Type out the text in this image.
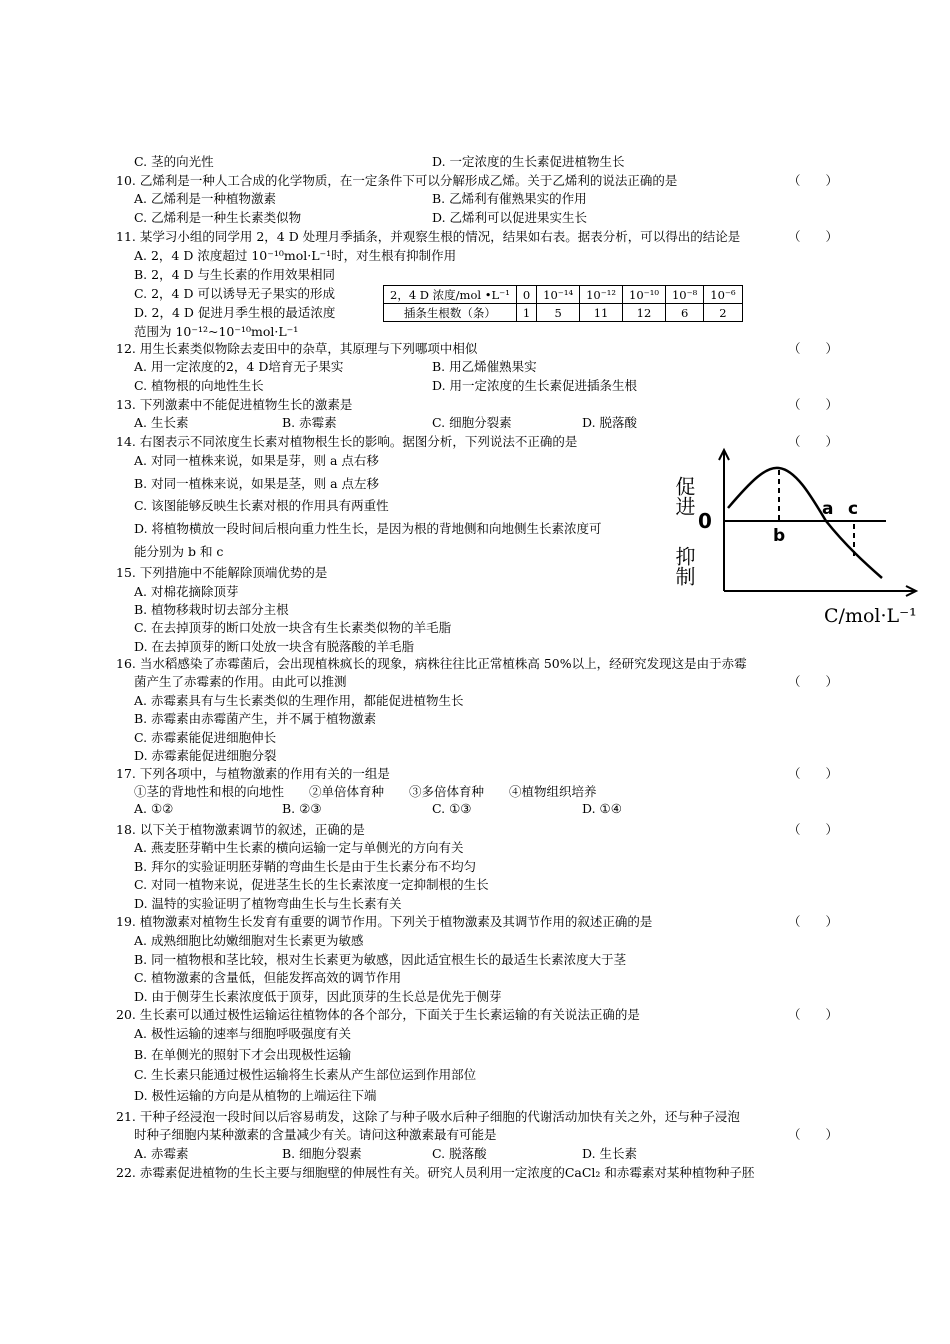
C. 茎的向光性	D. 一定浓度的生长素促进植物生长
10. 乙烯利是一种人工合成的化学物质，在一定条件下可以分解形成乙烯。关于乙烯利的说法正确的是	（　　）
A. 乙烯利是一种植物激素	B. 乙烯利有催熟果实的作用
C. 乙烯利是一种生长素类似物	D. 乙烯利可以促进果实生长
11. 某学习小组的同学用 2，4 D 处理月季插条，并观察生根的情况，结果如右表。据表分析，可以得出的结论是	（　　）
A. 2，4 D 浓度超过 10⁻¹⁰mol·L⁻¹时，对生根有抑制作用
B. 2，4 D 与生长素的作用效果相同
C. 2，4 D 可以诱导无子果实的形成
D. 2，4 D 促进月季生根的最适浓度
范围为 10⁻¹²~10⁻¹⁰mol·L⁻¹
2，4 D 浓度/mol •L⁻¹	0	10⁻¹⁴	10⁻¹²	10⁻¹⁰	10⁻⁸	10⁻⁶
插条生根数（条）	1	5	11	12	6	2
12. 用生长素类似物除去麦田中的杂草，其原理与下列哪项中相似	（　　）
A. 用一定浓度的2，4 D培育无子果实	B. 用乙烯催熟果实
C. 植物根的向地性生长	D. 用一定浓度的生长素促进插条生根
13. 下列激素中不能促进植物生长的激素是	（　　）
A. 生长素	B. 赤霉素	C. 细胞分裂素	D. 脱落酸
14. 右图表示不同浓度生长素对植物根生长的影响。据图分析，下列说法不正确的是	（　　）
A. 对同一植株来说，如果是芽，则 a 点右移
B. 对同一植株来说，如果是茎，则 a 点左移
C. 该图能够反映生长素对根的作用具有两重性
D. 将植物横放一段时间后根向重力性生长，是因为根的背地侧和向地侧生长素浓度可
能分别为 b 和 c
促进
0
抑制
a
b
c
C/mol·L⁻¹
15. 下列措施中不能解除顶端优势的是
A. 对棉花摘除顶芽
B. 植物移栽时切去部分主根
C. 在去掉顶芽的断口处放一块含有生长素类似物的羊毛脂
D. 在去掉顶芽的断口处放一块含有脱落酸的羊毛脂
16. 当水稻感染了赤霉菌后，会出现植株疯长的现象，病株往往比正常植株高 50%以上，经研究发现这是由于赤霉
菌产生了赤霉素的作用。由此可以推测	（　　）
A. 赤霉素具有与生长素类似的生理作用，都能促进植物生长
B. 赤霉素由赤霉菌产生，并不属于植物激素
C. 赤霉素能促进细胞伸长
D. 赤霉素能促进细胞分裂
17. 下列各项中，与植物激素的作用有关的一组是	（　　）
①茎的背地性和根的向地性　　②单倍体育种　　③多倍体育种　　④植物组织培养
A. ①②	B. ②③	C. ①③	D. ①④
18. 以下关于植物激素调节的叙述，正确的是	（　　）
A. 燕麦胚芽鞘中生长素的横向运输一定与单侧光的方向有关
B. 拜尔的实验证明胚芽鞘的弯曲生长是由于生长素分布不均匀
C. 对同一植物来说，促进茎生长的生长素浓度一定抑制根的生长
D. 温特的实验证明了植物弯曲生长与生长素有关
19. 植物激素对植物生长发育有重要的调节作用。下列关于植物激素及其调节作用的叙述正确的是	（　　）
A. 成熟细胞比幼嫩细胞对生长素更为敏感
B. 同一植物根和茎比较，根对生长素更为敏感，因此适宜根生长的最适生长素浓度大于茎
C. 植物激素的含量低，但能发挥高效的调节作用
D. 由于侧芽生长素浓度低于顶芽，因此顶芽的生长总是优先于侧芽
20. 生长素可以通过极性运输运往植物体的各个部分，下面关于生长素运输的有关说法正确的是	（　　）
A. 极性运输的速率与细胞呼吸强度有关
B. 在单侧光的照射下才会出现极性运输
C. 生长素只能通过极性运输将生长素从产生部位运到作用部位
D. 极性运输的方向是从植物的上端运往下端
21. 干种子经浸泡一段时间以后容易萌发，这除了与种子吸水后种子细胞的代谢活动加快有关之外，还与种子浸泡
时种子细胞内某种激素的含量减少有关。请问这种激素最有可能是	（　　）
A. 赤霉素	B. 细胞分裂素	C. 脱落酸	D. 生长素
22. 赤霉素促进植物的生长主要与细胞壁的伸展性有关。研究人员利用一定浓度的CaCl₂ 和赤霉素对某种植物种子胚
